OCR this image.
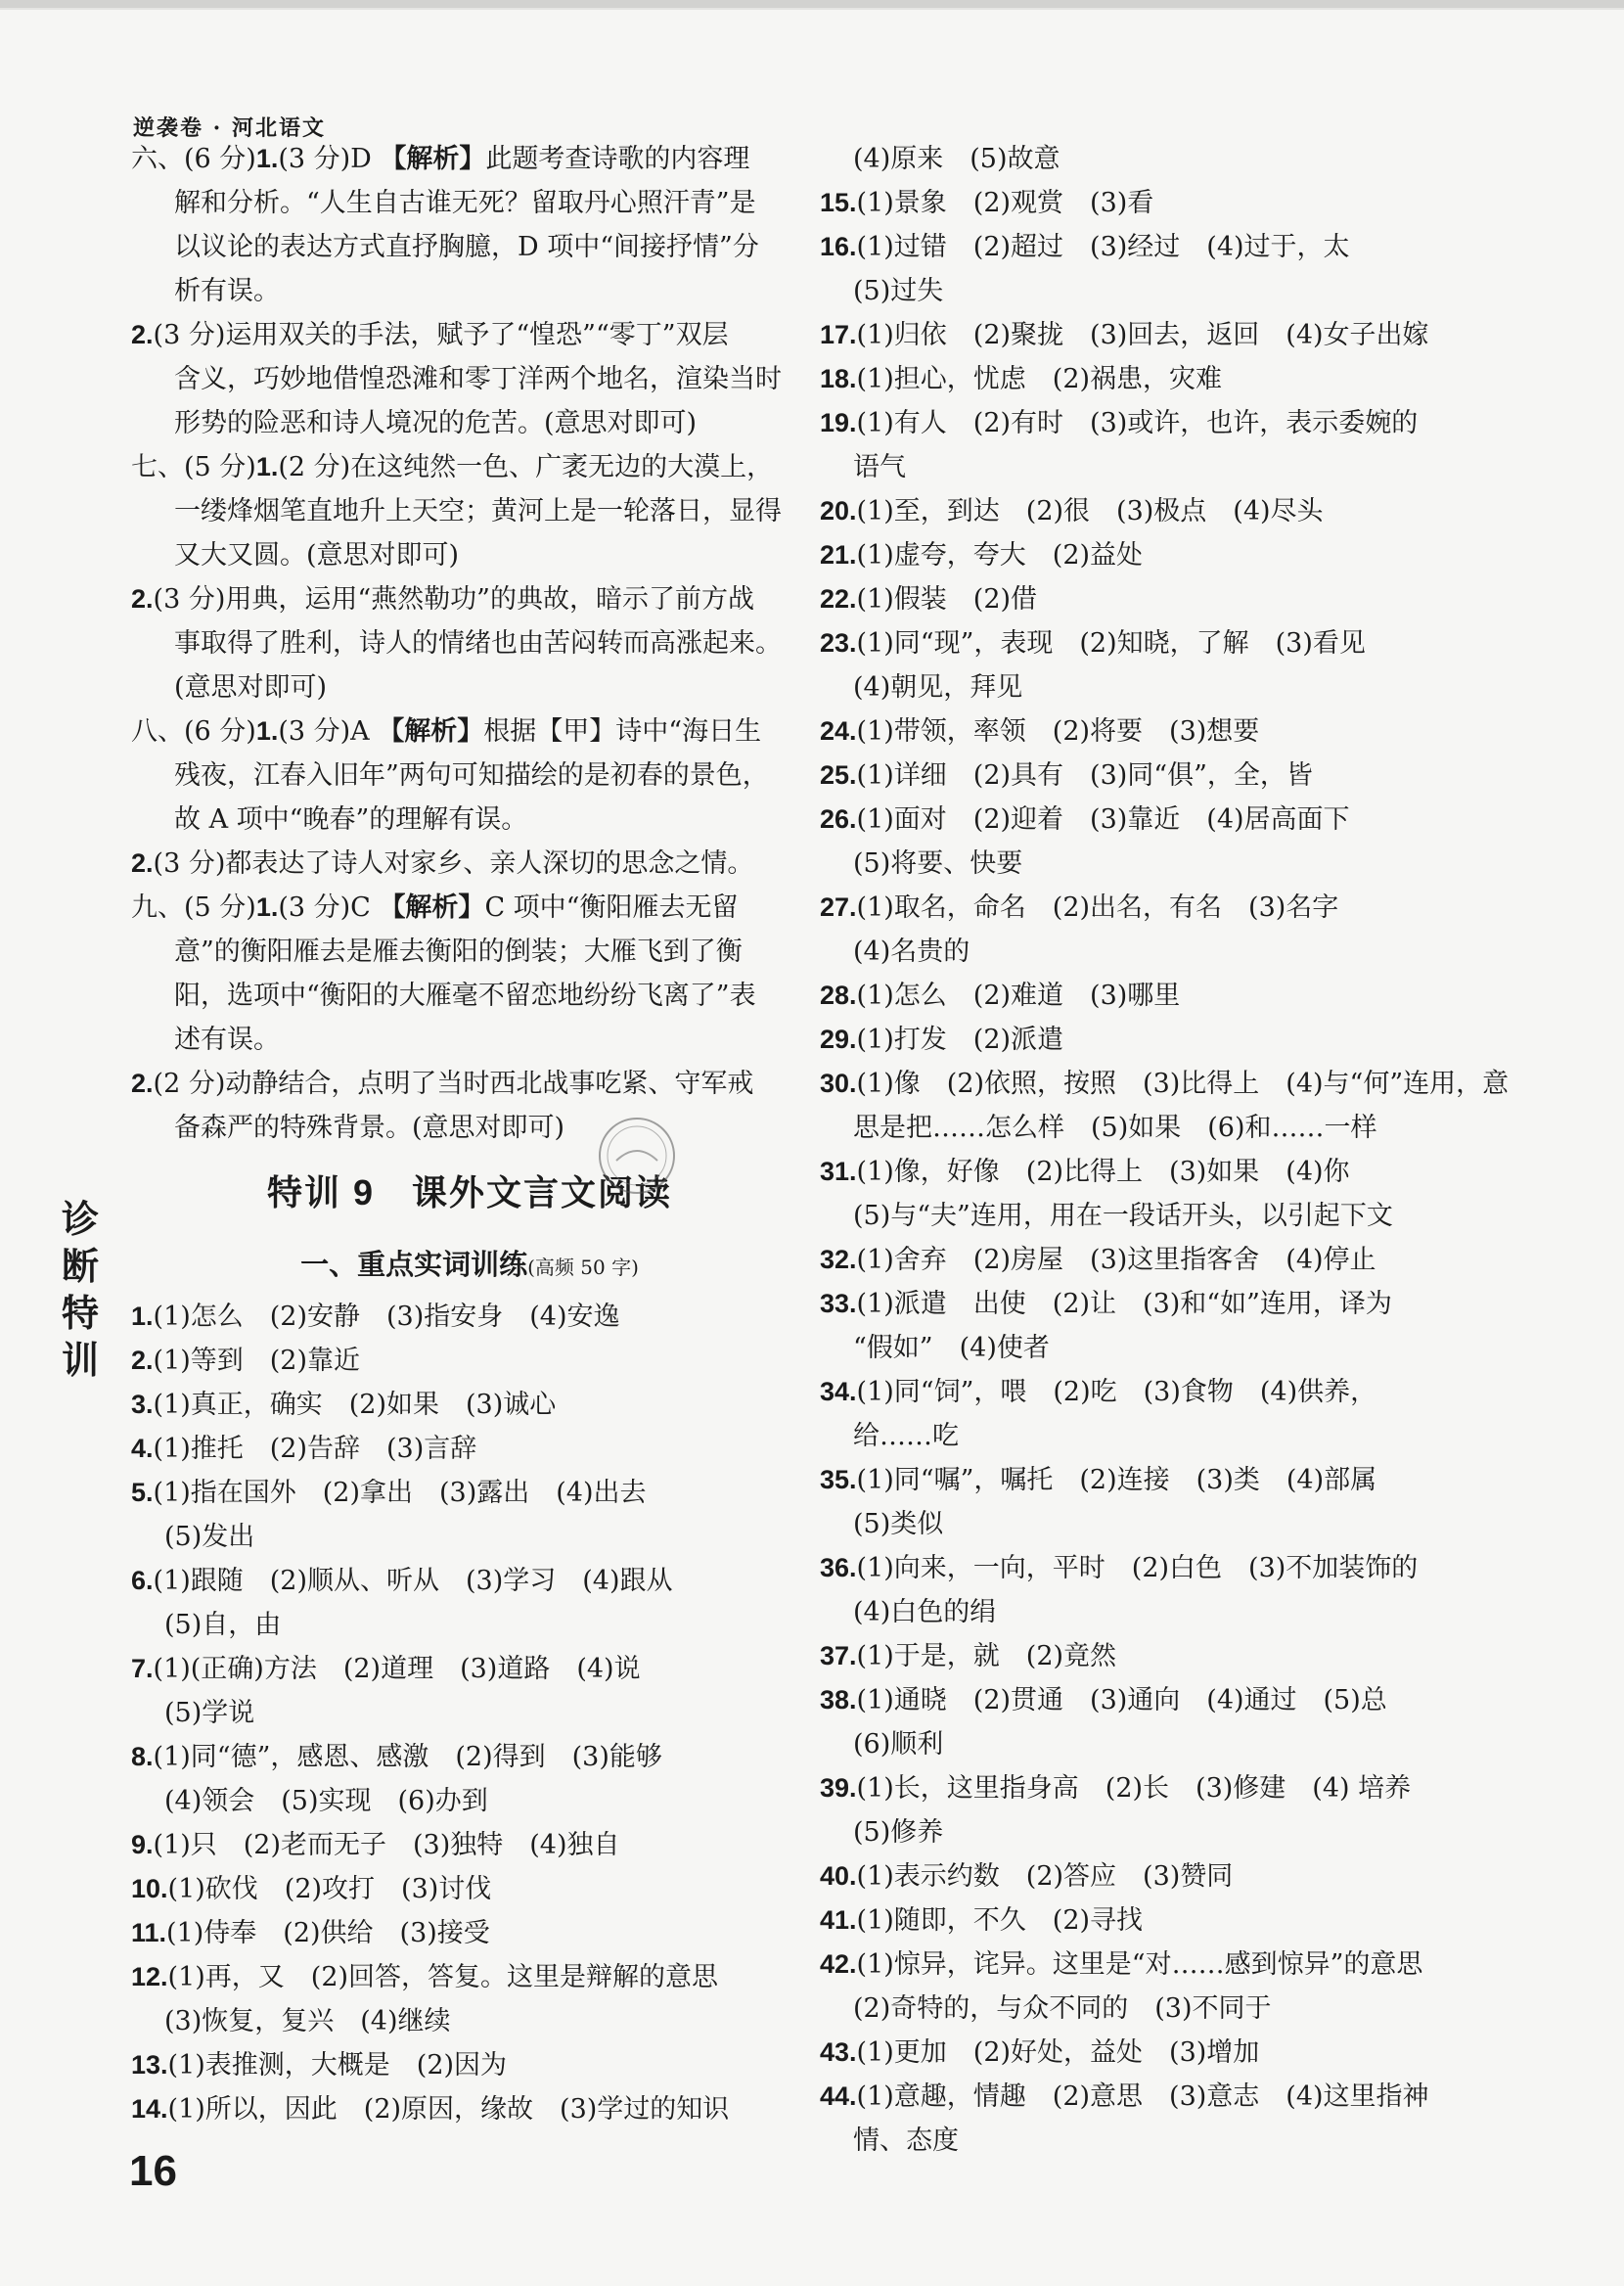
逆袭卷 · 河北语文
诊断特训
六、(6 分)1.(3 分)D 【解析】此题考查诗歌的内容理
解和分析。“人生自古谁无死？留取丹心照汗青”是
以议论的表达方式直抒胸臆，D 项中“间接抒情”分
析有误。
2.(3 分)运用双关的手法，赋予了“惶恐”“零丁”双层
含义，巧妙地借惶恐滩和零丁洋两个地名，渲染当时
形势的险恶和诗人境况的危苦。(意思对即可)
七、(5 分)1.(2 分)在这纯然一色、广袤无边的大漠上，
一缕烽烟笔直地升上天空；黄河上是一轮落日，显得
又大又圆。(意思对即可)
2.(3 分)用典，运用“燕然勒功”的典故，暗示了前方战
事取得了胜利，诗人的情绪也由苦闷转而高涨起来。
(意思对即可)
八、(6 分)1.(3 分)A 【解析】根据【甲】诗中“海日生
残夜，江春入旧年”两句可知描绘的是初春的景色，
故 A 项中“晚春”的理解有误。
2.(3 分)都表达了诗人对家乡、亲人深切的思念之情。
九、(5 分)1.(3 分)C 【解析】C 项中“衡阳雁去无留
意”的衡阳雁去是雁去衡阳的倒装；大雁飞到了衡
阳，选项中“衡阳的大雁毫不留恋地纷纷飞离了”表
述有误。
2.(2 分)动静结合，点明了当时西北战事吃紧、守军戒
备森严的特殊背景。(意思对即可)
特训 9　课外文言文阅读
一、重点实词训练(高频 50 字)
1.(1)怎么　(2)安静　(3)指安身　(4)安逸
2.(1)等到　(2)靠近
3.(1)真正，确实　(2)如果　(3)诚心
4.(1)推托　(2)告辞　(3)言辞
5.(1)指在国外　(2)拿出　(3)露出　(4)出去
(5)发出
6.(1)跟随　(2)顺从、听从　(3)学习　(4)跟从
(5)自，由
7.(1)(正确)方法　(2)道理　(3)道路　(4)说
(5)学说
8.(1)同“德”，感恩、感激　(2)得到　(3)能够
(4)领会　(5)实现　(6)办到
9.(1)只　(2)老而无子　(3)独特　(4)独自
10.(1)砍伐　(2)攻打　(3)讨伐
11.(1)侍奉　(2)供给　(3)接受
12.(1)再，又　(2)回答，答复。这里是辩解的意思
(3)恢复，复兴　(4)继续
13.(1)表推测，大概是　(2)因为
14.(1)所以，因此　(2)原因，缘故　(3)学过的知识
(4)原来　(5)故意
15.(1)景象　(2)观赏　(3)看
16.(1)过错　(2)超过　(3)经过　(4)过于，太
(5)过失
17.(1)归依　(2)聚拢　(3)回去，返回　(4)女子出嫁
18.(1)担心，忧虑　(2)祸患，灾难
19.(1)有人　(2)有时　(3)或许，也许，表示委婉的
语气
20.(1)至，到达　(2)很　(3)极点　(4)尽头
21.(1)虚夸，夸大　(2)益处
22.(1)假装　(2)借
23.(1)同“现”，表现　(2)知晓，了解　(3)看见
(4)朝见，拜见
24.(1)带领，率领　(2)将要　(3)想要
25.(1)详细　(2)具有　(3)同“俱”，全，皆
26.(1)面对　(2)迎着　(3)靠近　(4)居高面下
(5)将要、快要
27.(1)取名，命名　(2)出名，有名　(3)名字
(4)名贵的
28.(1)怎么　(2)难道　(3)哪里
29.(1)打发　(2)派遣
30.(1)像　(2)依照，按照　(3)比得上　(4)与“何”连用，意
思是把……怎么样　(5)如果　(6)和……一样
31.(1)像，好像　(2)比得上　(3)如果　(4)你
(5)与“夫”连用，用在一段话开头，以引起下文
32.(1)舍弃　(2)房屋　(3)这里指客舍　(4)停止
33.(1)派遣　出使　(2)让　(3)和“如”连用，译为
“假如”　(4)使者
34.(1)同“饲”，喂　(2)吃　(3)食物　(4)供养，
给……吃
35.(1)同“嘱”，嘱托　(2)连接　(3)类　(4)部属
(5)类似
36.(1)向来，一向，平时　(2)白色　(3)不加装饰的
(4)白色的绢
37.(1)于是，就　(2)竟然
38.(1)通晓　(2)贯通　(3)通向　(4)通过　(5)总
(6)顺利
39.(1)长，这里指身高　(2)长　(3)修建　(4) 培养
(5)修养
40.(1)表示约数　(2)答应　(3)赞同
41.(1)随即，不久　(2)寻找
42.(1)惊异，诧异。这里是“对……感到惊异”的意思
(2)奇特的，与众不同的　(3)不同于
43.(1)更加　(2)好处，益处　(3)增加
44.(1)意趣，情趣　(2)意思　(3)意志　(4)这里指神
情、态度
16
